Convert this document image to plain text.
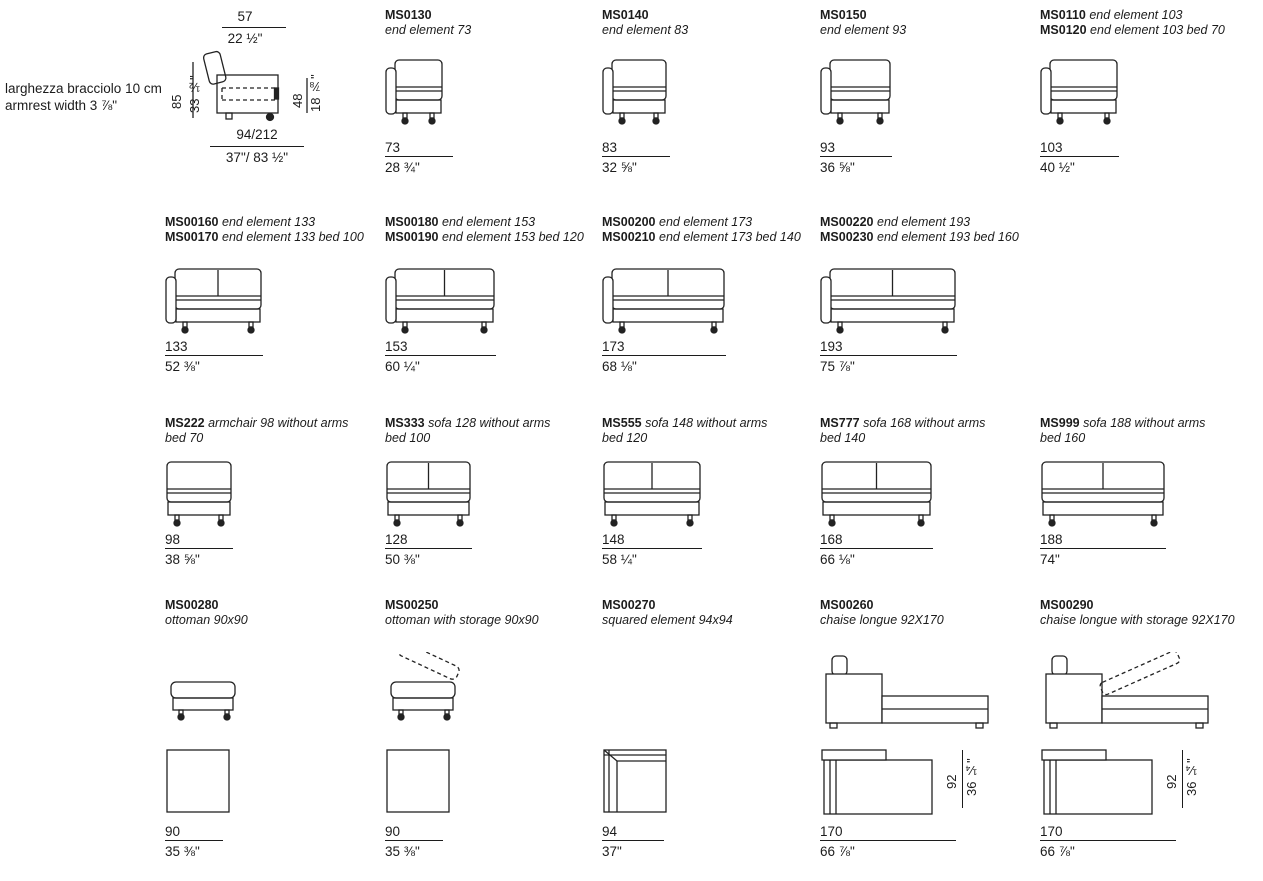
larghezza bracciolo 10 cm
armrest width 3 ⅞"
57
22 ½"
85 33 ½"	48 18 ⅞"
94/212
37"/ 83 ½"
MS0130
end element 73
73
28 ¾"
MS0140
end element 83
83
32 ⅝"
MS0150
end element 93
93
36 ⅝"
MS0110 end element 103
MS0120 end element 103 bed 70
103
40 ½"
MS00160 end element 133
MS00170 end element 133 bed 100
133
52 ⅜"
MS00180 end element 153
MS00190 end element 153 bed 120
153
60 ¼"
MS00200 end element 173
MS00210 end element 173 bed 140
173
68 ⅛"
MS00220 end element 193
MS00230 end element 193 bed 160
193
75 ⅞"
MS222 armchair 98 without arms
bed 70
98
38 ⅝"
MS333 sofa 128 without arms
bed 100
128
50 ⅜"
MS555 sofa 148 without arms
bed 120
148
58 ¼"
MS777 sofa 168 without arms
bed 140
168
66 ⅛"
MS999 sofa 188 without arms
bed 160
188
74"
MS00280
ottoman 90x90
90
35 ⅜"
MS00250
ottoman with storage 90x90
90
35 ⅜"
MS00270
squared element 94x94
94
37"
MS00260
chaise longue 92X170
170
66 ⅞"
92 36 ¼"
MS00290
chaise longue with storage 92X170
170
66 ⅞"
92 36 ¼"
